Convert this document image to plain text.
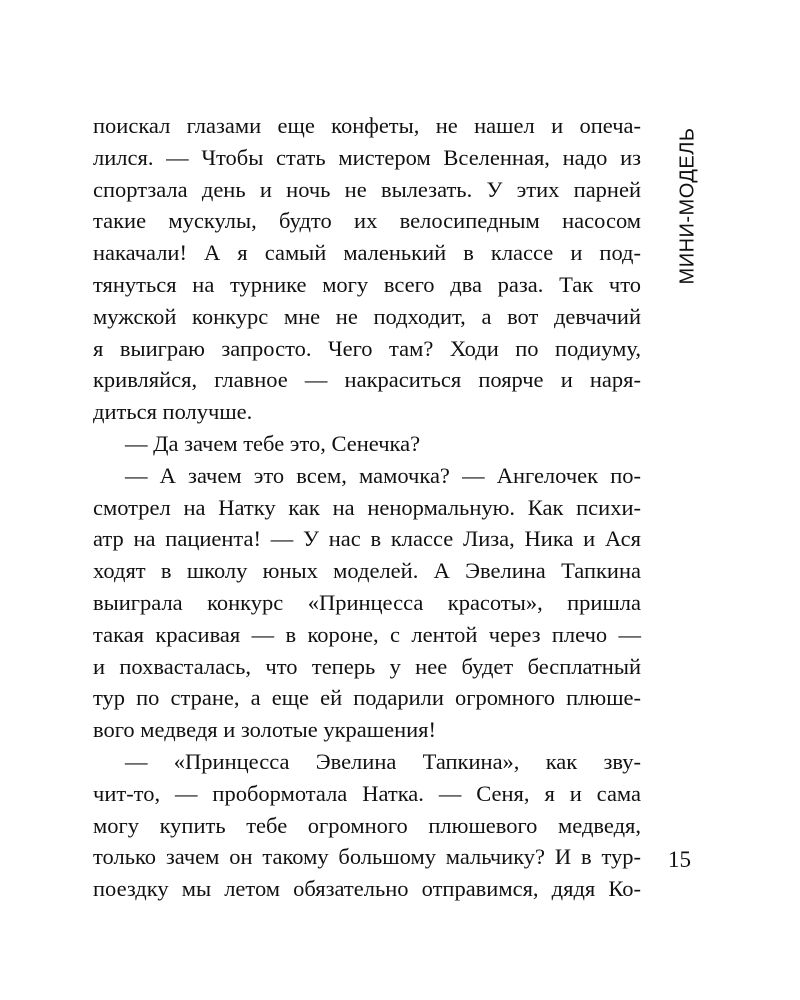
поискал глазами еще конфеты, не нашел и опеча-
лился. — Чтобы стать мистером Вселенная, надо из
спортзала день и ночь не вылезать. У этих парней
такие мускулы, будто их велосипедным насосом
накачали! А я самый маленький в классе и под-
тянуться на турнике могу всего два раза. Так что
мужской конкурс мне не подходит, а вот девчачий
я выиграю запросто. Чего там? Ходи по подиуму,
кривляйся, главное — накраситься поярче и наря-
диться получше.
— Да зачем тебе это, Сенечка?
— А зачем это всем, мамочка? — Ангелочек по-
смотрел на Натку как на ненормальную. Как психи-
атр на пациента! — У нас в классе Лиза, Ника и Ася
ходят в школу юных моделей. А Эвелина Тапкина
выиграла конкурс «Принцесса красоты», пришла
такая красивая — в короне, с лентой через плечо —
и похвасталась, что теперь у нее будет бесплатный
тур по стране, а еще ей подарили огромного плюше-
вого медведя и золотые украшения!
— «Принцесса Эвелина Тапкина», как зву-
чит-то, — пробормотала Натка. — Сеня, я и сама
могу купить тебе огромного плюшевого медведя,
только зачем он такому большому мальчику? И в тур-
поездку мы летом обязательно отправимся, дядя Ко-
МИНИ-МОДЕЛЬ
15
